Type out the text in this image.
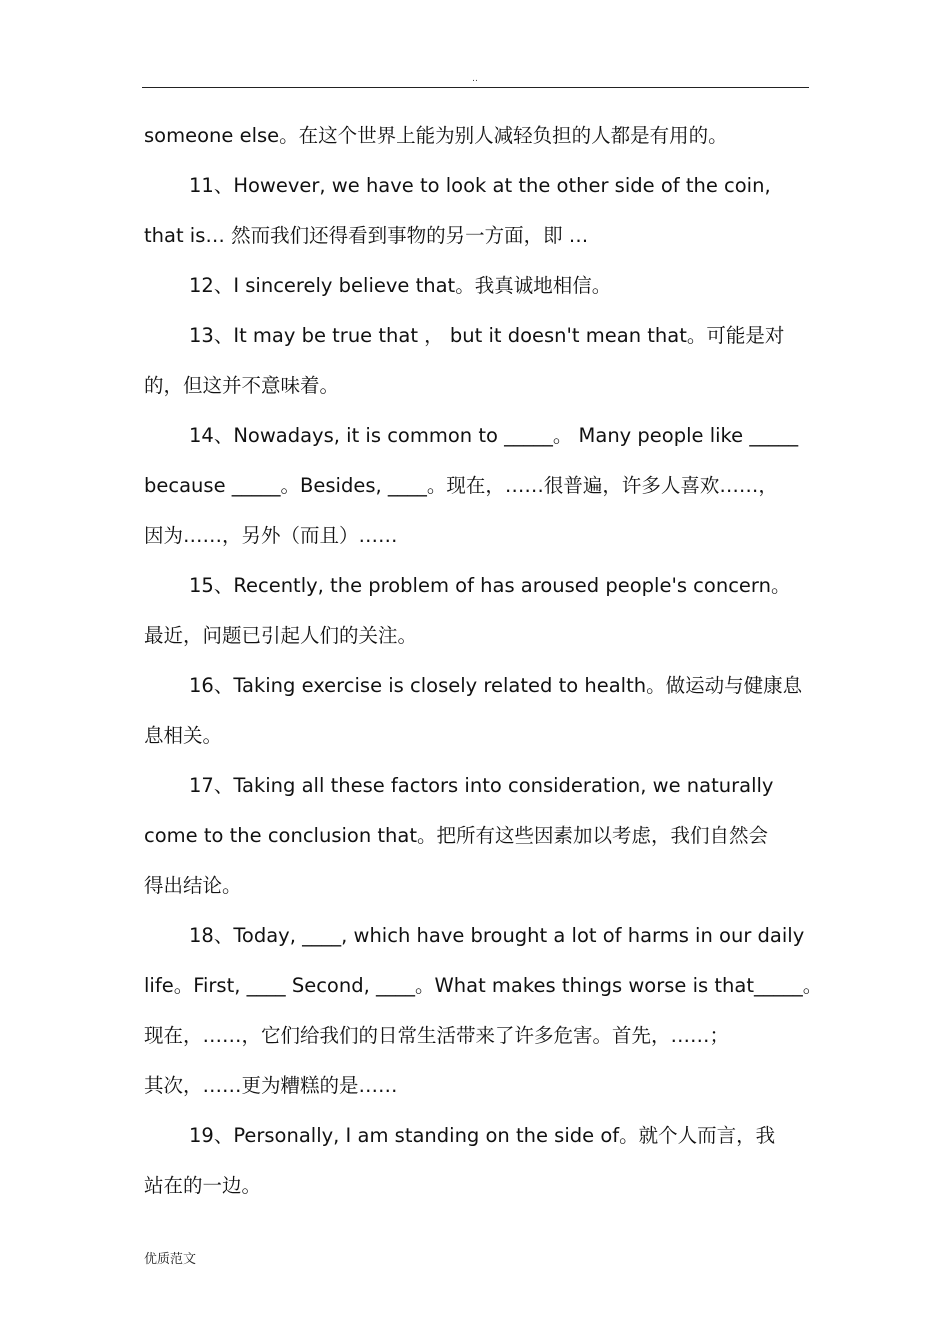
..
someone else。在这个世界上能为别人减轻负担的人都是有用的。
11、However, we have to look at the other side of the coin,
that is… 然而我们还得看到事物的另一方面，即 …
12、I sincerely believe that。我真诚地相信。
13、It may be true that ， but it doesn't mean that。可能是对
的，但这并不意味着。
14、Nowadays, it is common to _____。 Many people like _____
because _____。Besides, ____。现在，……很普遍，许多人喜欢……，
因为……，另外（而且）……
15、Recently, the problem of has aroused people's concern。
最近，问题已引起人们的关注。
16、Taking exercise is closely related to health。做运动与健康息
息相关。
17、Taking all these factors into consideration, we naturally
come to the conclusion that。把所有这些因素加以考虑，我们自然会
得出结论。
18、Today, ____, which have brought a lot of harms in our daily
life。First, ____ Second, ____。What makes things worse is that_____。
现在，……，它们给我们的日常生活带来了许多危害。首先，……；
其次，……更为糟糕的是……
19、Personally, I am standing on the side of。就个人而言，我
站在的一边。
优质范文
